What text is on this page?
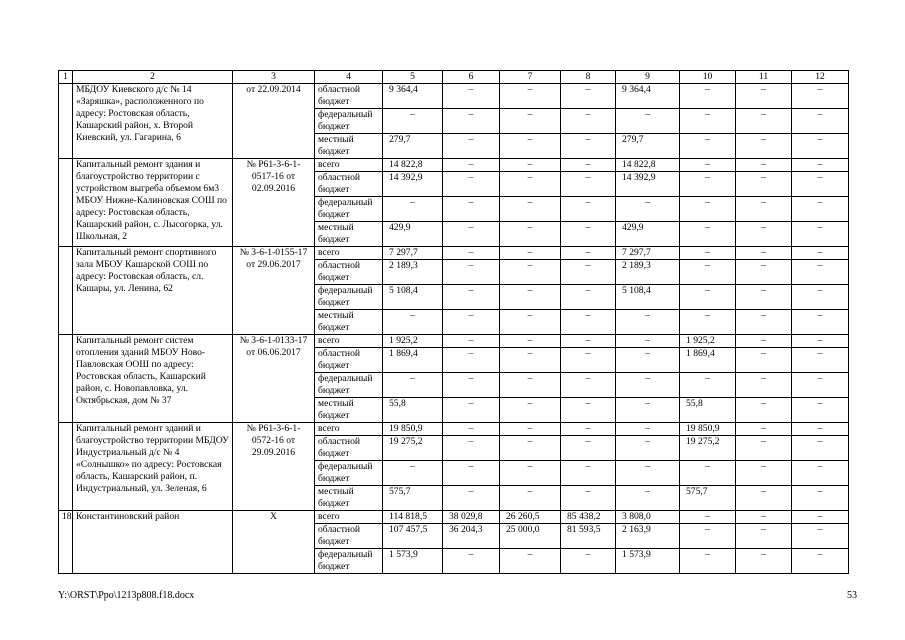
1	2	3	4	5	6	7	8	9	10	11	12
	МБДОУ Киевского д/с № 14 «Заряшка», расположенного по адресу: Ростовская область, Кашарский район, х. Второй Киевский, ул. Гагарина, 6	от 22.09.2014	областной бюджет	9 364,4	–	–	–	9 364,4	–	–	–
			федеральный бюджет	–	–	–	–	–	–	–	–
			местный бюджет	279,7	–	–	–	279,7	–	–	–
	Капитальный ремонт здания и благоустройство территории с устройством выгреба объемом 6м3 МБОУ Нижне-Калиновская СОШ по адресу: Ростовская область, Кашарский район, с. Лысогорка, ул. Школьная, 2	№ Р61-3-6-1-0517-16 от 02.09.2016	всего	14 822,8	–	–	–	14 822,8	–	–	–
			областной бюджет	14 392,9	–	–	–	14 392,9	–	–	–
			федеральный бюджет	–	–	–	–	–	–	–	–
			местный бюджет	429,9	–	–	–	429,9	–	–	–
	Капитальный ремонт спортивного зала МБОУ Кашарской СОШ по адресу: Ростовская область, сл. Кашары, ул. Ленина, 62	№ 3-6-1-0155-17 от 29.06.2017	всего	7 297,7	–	–	–	7 297,7	–	–	–
			областной бюджет	2 189,3	–	–	–	2 189,3	–	–	–
			федеральный бюджет	5 108,4	–	–	–	5 108,4	–	–	–
			местный бюджет	–	–	–	–	–	–	–	–
	Капитальный ремонт систем отопления зданий МБОУ Ново-Павловская ООШ по адресу: Ростовская область, Кашарский район, с. Новопавловка, ул. Октябрьская, дом № 37	№ 3-6-1-0133-17 от 06.06.2017	всего	1 925,2	–	–	–	–	1 925,2	–	–
			областной бюджет	1 869,4	–	–	–	–	1 869,4	–	–
			федеральный бюджет	–	–	–	–	–	–	–	–
			местный бюджет	55,8	–	–	–	–	55,8	–	–
	Капитальный ремонт зданий и благоустройство территории МБДОУ Индустриальный д/с № 4 «Солнышко» по адресу: Ростовская область, Кашарский район, п. Индустриальный, ул. Зеленая, 6	№ Р61-3-6-1-0572-16 от 29.09.2016	всего	19 850,9	–	–	–	–	19 850,9	–	–
			областной бюджет	19 275,2	–	–	–	–	19 275,2	–	–
			федеральный бюджет	–	–	–	–	–	–	–	–
			местный бюджет	575,7	–	–	–	–	575,7	–	–
18.	Константиновский район	Х	всего	114 818,5	38 029,8	26 260,5	85 438,2	3 808,0	–	–	–
			областной бюджет	107 457,5	36 204,3	25 000,0	81 593,5	2 163,9	–	–	–
			федеральный бюджет	1 573,9	–	–	–	1 573,9	–	–	–
Y:\ORST\Ppo\1213p808.f18.docx	53
